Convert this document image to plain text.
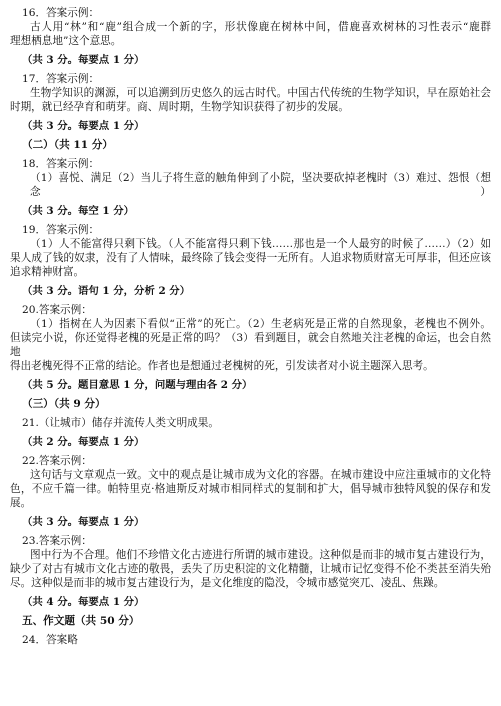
16．答案示例：

古人用“林”和“鹿”组合成一个新的字，形状像鹿在树林中间，借鹿喜欢树林的习性表示“鹿群

理想栖息地”这个意思。

（共 3 分。每要点 1 分）

17．答案示例：

生物学知识的渊源，可以追溯到历史悠久的远古时代。中国古代传统的生物学知识，早在原始社会

时期，就已经孕育和萌芽。商、周时期，生物学知识获得了初步的发展。

（共 3 分。每要点 1 分）

（二）（共 11 分）

18．答案示例：

（1）喜悦、满足（2）当儿子将生意的触角伸到了小院，坚决要砍掉老槐时（3）难过、怨恨（想念）

（共 3 分。每空 1 分）

19．答案示例：

（1）人不能富得只剩下钱。（人不能富得只剩下钱……那也是一个人最穷的时候了……）（2）如

果人成了钱的奴隶，没有了人情味，最终除了钱会变得一无所有。人追求物质财富无可厚非，但还应该

追求精神财富。

（共 3 分。语句 1 分，分析 2 分）

20.答案示例：

（1）指树在人为因素下看似“正常”的死亡。（2）生老病死是正常的自然现象，老槐也不例外。

但读完小说，你还觉得老槐的死是正常的吗？（3）看到题目，就会自然地关注老槐的命运，也会自然地

得出老槐死得不正常的结论。作者也是想通过老槐树的死，引发读者对小说主题深入思考。

（共 5 分。题目意思 1 分，问题与理由各 2 分）

（三）（共 9 分）

21.（让城市）储存并流传人类文明成果。

（共 2 分。每要点 1 分）

22.答案示例：

这句话与文章观点一致。文中的观点是让城市成为文化的容器。在城市建设中应注重城市的文化特

色，不应千篇一律。帕特里克·格迪斯反对城市相同样式的复制和扩大，倡导城市独特风貌的保存和发

展。

（共 3 分。每要点 1 分）

23.答案示例：

图中行为不合理。他们不珍惜文化古迹进行所谓的城市建设。这种似是而非的城市复古建设行为，

缺少了对古有城市文化古迹的敬畏，丢失了历史积淀的文化精髓，让城市记忆变得不伦不类甚至消失殆

尽。这种似是而非的城市复古建设行为，是文化维度的隐没，令城市感觉突兀、凌乱、焦躁。

（共 4 分。每要点 1 分）

五、作文题（共 50 分）

24．答案略
